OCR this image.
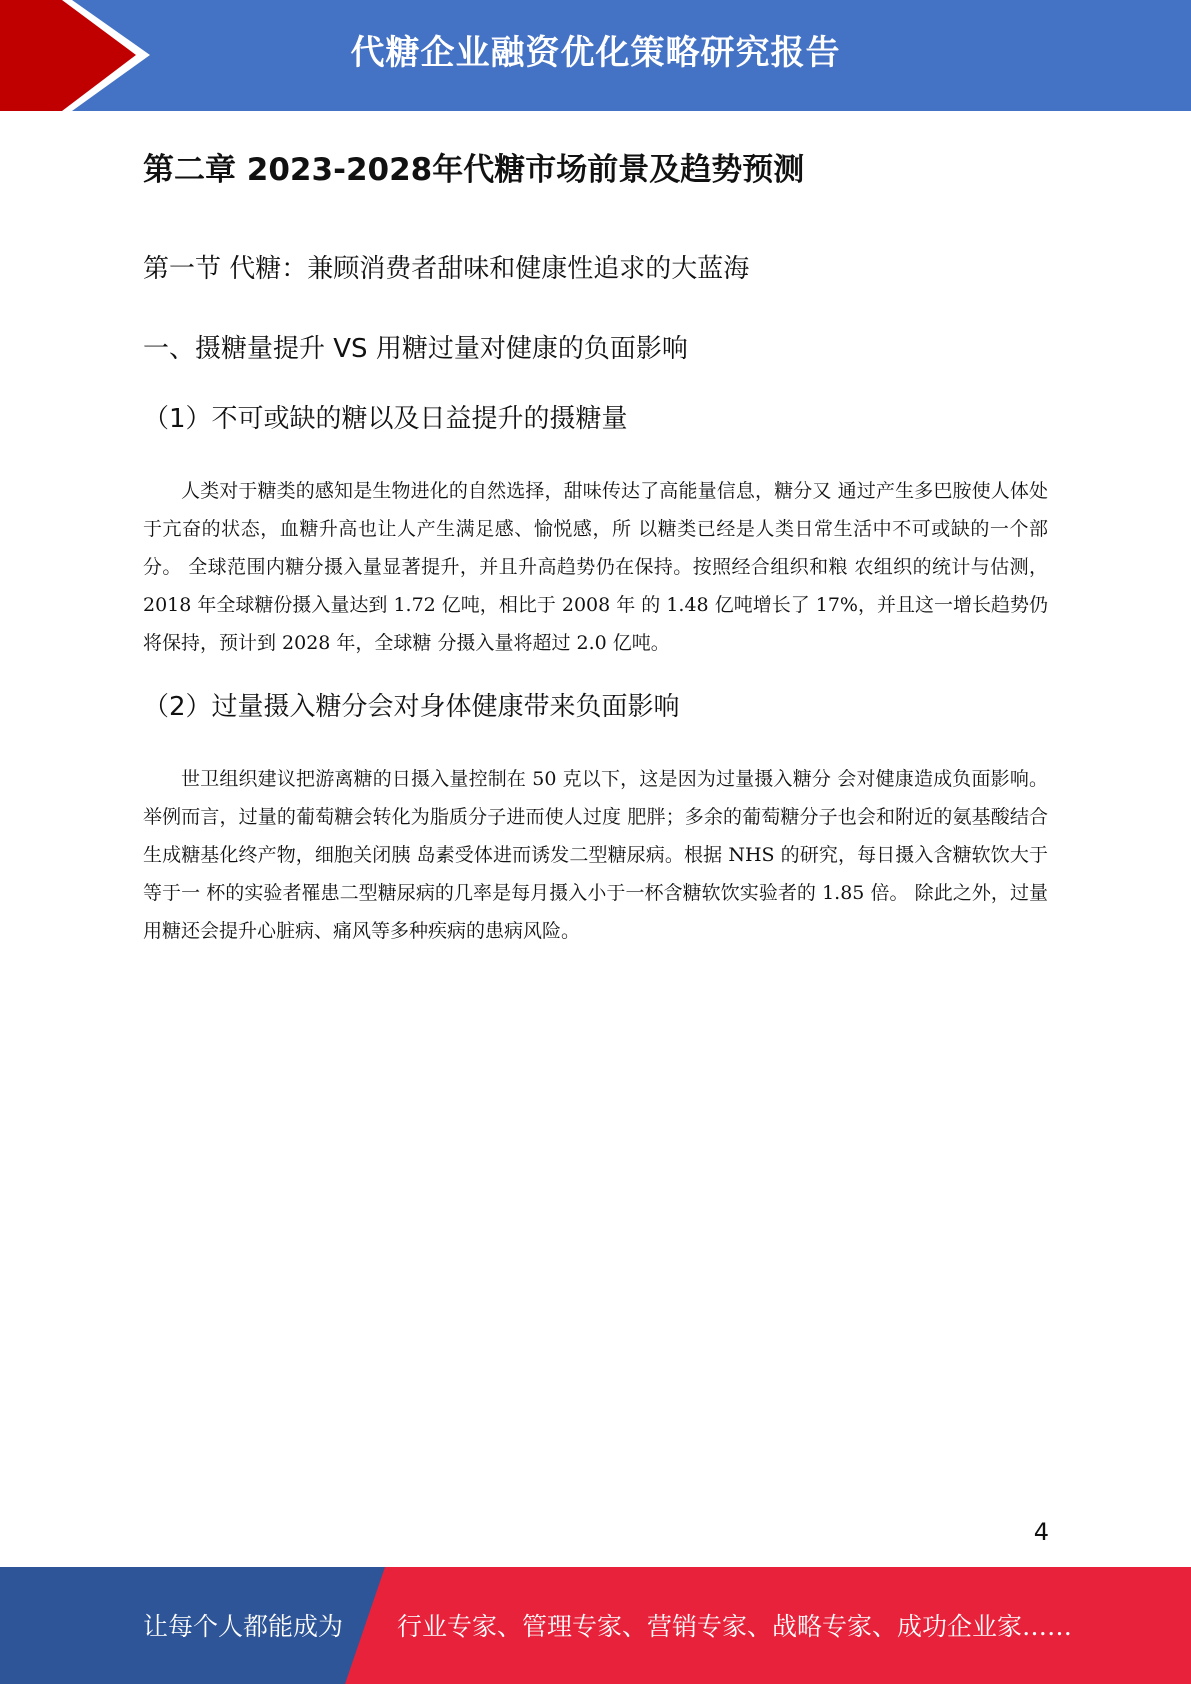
代糖企业融资优化策略研究报告
第二章 2023-2028年代糖市场前景及趋势预测
第一节 代糖：兼顾消费者甜味和健康性追求的大蓝海
一、摄糖量提升 VS 用糖过量对健康的负面影响
（1）不可或缺的糖以及日益提升的摄糖量

人类对于糖类的感知是生物进化的自然选择，甜味传达了高能量信息，糖分又 通过产生多巴胺使人体处于亢奋的状态，血糖升高也让人产生满足感、愉悦感，所 以糖类已经是人类日常生活中不可或缺的一个部分。 全球范围内糖分摄入量显著提升，并且升高趋势仍在保持。按照经合组织和粮 农组织的统计与估测，2018 年全球糖份摄入量达到 1.72 亿吨，相比于 2008 年 的 1.48 亿吨增长了 17%，并且这一增长趋势仍将保持，预计到 2028 年，全球糖 分摄入量将超过 2.0 亿吨。

（2）过量摄入糖分会对身体健康带来负面影响

世卫组织建议把游离糖的日摄入量控制在 50 克以下，这是因为过量摄入糖分 会对健康造成负面影响。举例而言，过量的葡萄糖会转化为脂质分子进而使人过度 肥胖；多余的葡萄糖分子也会和附近的氨基酸结合生成糖基化终产物，细胞关闭胰 岛素受体进而诱发二型糖尿病。根据 NHS 的研究，每日摄入含糖软饮大于等于一 杯的实验者罹患二型糖尿病的几率是每月摄入小于一杯含糖软饮实验者的 1.85 倍。 除此之外，过量用糖还会提升心脏病、痛风等多种疾病的患病风险。

4
让每个人都能成为 行业专家、管理专家、营销专家、战略专家、成功企业家……
